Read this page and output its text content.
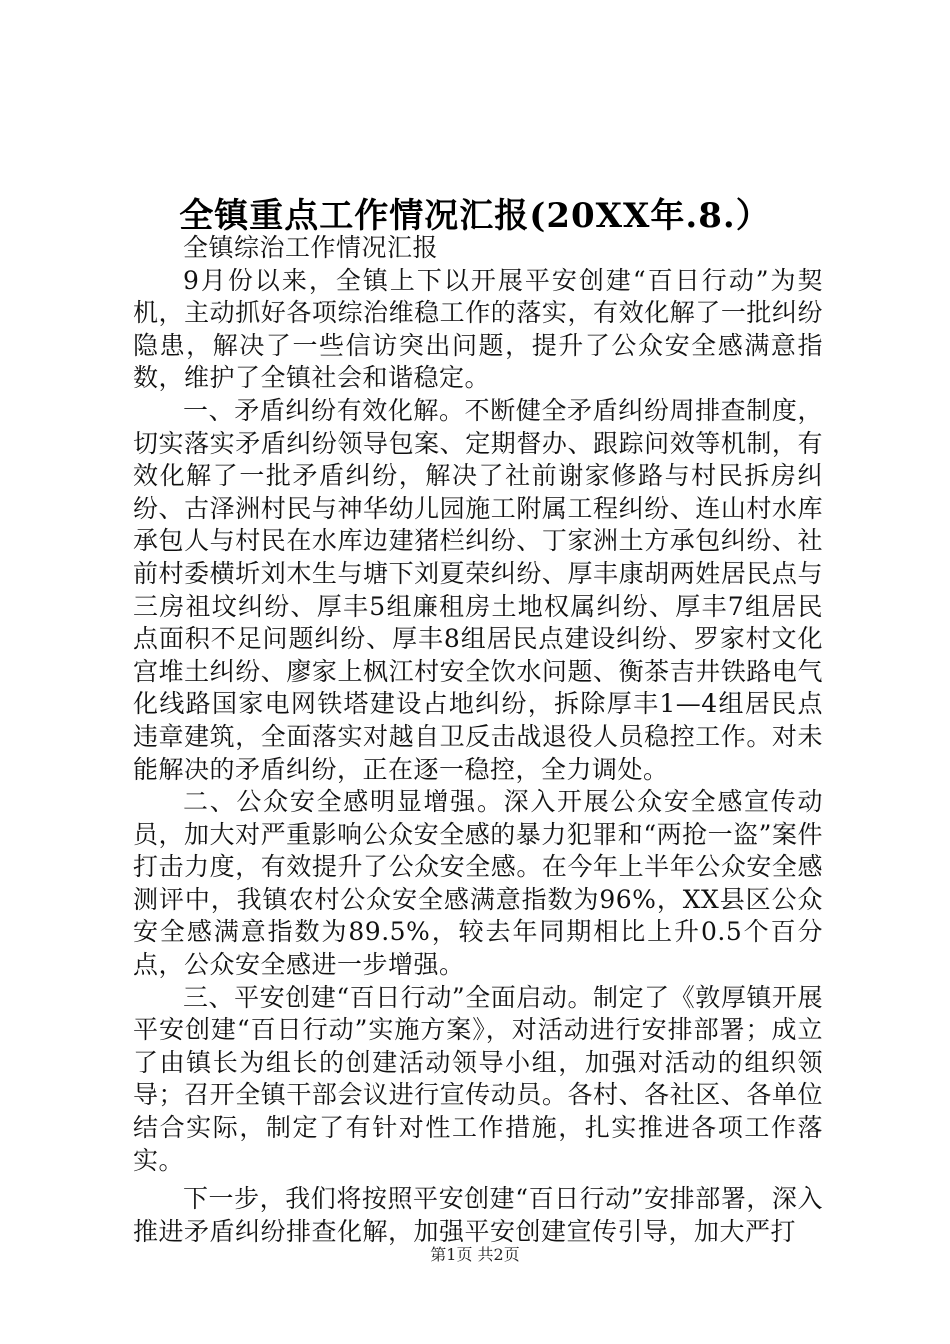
全镇重点工作情况汇报(20XX年.8.）

全镇综治工作情况汇报

9月份以来，全镇上下以开展平安创建“百日行动”为契机，主动抓好各项综治维稳工作的落实，有效化解了一批纠纷隐患，解决了一些信访突出问题，提升了公众安全感满意指数，维护了全镇社会和谐稳定。

一、矛盾纠纷有效化解。不断健全矛盾纠纷周排查制度，切实落实矛盾纠纷领导包案、定期督办、跟踪问效等机制，有效化解了一批矛盾纠纷，解决了社前谢家修路与村民拆房纠纷、古泽洲村民与神华幼儿园施工附属工程纠纷、连山村水库承包人与村民在水库边建猪栏纠纷、丁家洲土方承包纠纷、社前村委横圻刘木生与塘下刘夏荣纠纷、厚丰康胡两姓居民点与三房祖坟纠纷、厚丰5组廉租房土地权属纠纷、厚丰7组居民点面积不足问题纠纷、厚丰8组居民点建设纠纷、罗家村文化宫堆土纠纷、廖家上枫江村安全饮水问题、衡茶吉井铁路电气化线路国家电网铁塔建设占地纠纷，拆除厚丰1—4组居民点违章建筑，全面落实对越自卫反击战退役人员稳控工作。对未能解决的矛盾纠纷，正在逐一稳控，全力调处。

二、公众安全感明显增强。深入开展公众安全感宣传动员，加大对严重影响公众安全感的暴力犯罪和“两抢一盗”案件打击力度，有效提升了公众安全感。在今年上半年公众安全感测评中，我镇农村公众安全感满意指数为96%，XX县区公众安全感满意指数为89.5%，较去年同期相比上升0.5个百分点，公众安全感进一步增强。

三、平安创建“百日行动”全面启动。制定了《敦厚镇开展平安创建“百日行动”实施方案》，对活动进行安排部署；成立了由镇长为组长的创建活动领导小组，加强对活动的组织领导；召开全镇干部会议进行宣传动员。各村、各社区、各单位结合实际，制定了有针对性工作措施，扎实推进各项工作落实。

下一步，我们将按照平安创建“百日行动”安排部署，深入推进矛盾纠纷排查化解，加强平安创建宣传引导，加大严打

第1页 共2页
